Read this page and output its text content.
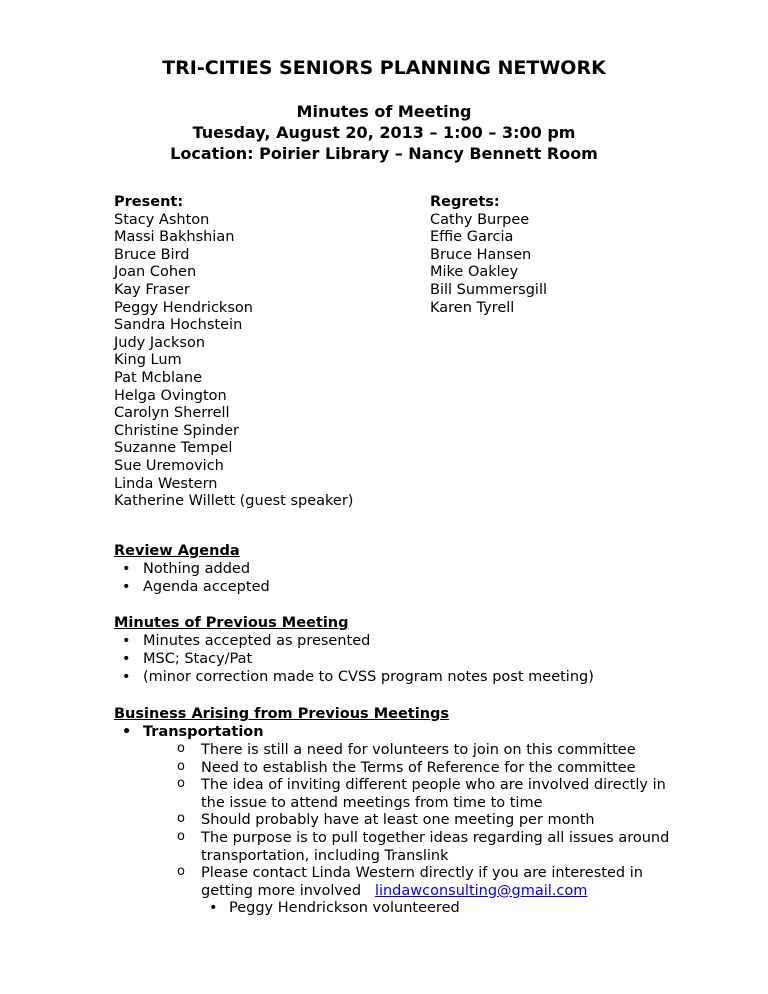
TRI-CITIES SENIORS PLANNING NETWORK
Minutes of Meeting
Tuesday, August 20, 2013 – 1:00 – 3:00 pm
Location: Poirier Library – Nancy Bennett Room
Present:
Stacy Ashton
Massi Bakhshian
Bruce Bird
Joan Cohen
Kay Fraser
Peggy Hendrickson
Sandra Hochstein
Judy Jackson
King Lum
Pat Mcblane
Helga Ovington
Carolyn Sherrell
Christine Spinder
Suzanne Tempel
Sue Uremovich
Linda Western
Katherine Willett (guest speaker)
Regrets:
Cathy Burpee
Effie Garcia
Bruce Hansen
Mike Oakley
Bill Summersgill
Karen Tyrell
Review Agenda
• Nothing added
• Agenda accepted
Minutes of Previous Meeting
• Minutes accepted as presented
• MSC; Stacy/Pat
• (minor correction made to CVSS program notes post meeting)
Business Arising from Previous Meetings
• Transportation
o There is still a need for volunteers to join on this committee
o Need to establish the Terms of Reference for the committee
o The idea of inviting different people who are involved directly in
the issue to attend meetings from time to time
o Should probably have at least one meeting per month
o The purpose is to pull together ideas regarding all issues around
transportation, including Translink
o Please contact Linda Western directly if you are interested in
getting more involved lindawconsulting@gmail.com
• Peggy Hendrickson volunteered
